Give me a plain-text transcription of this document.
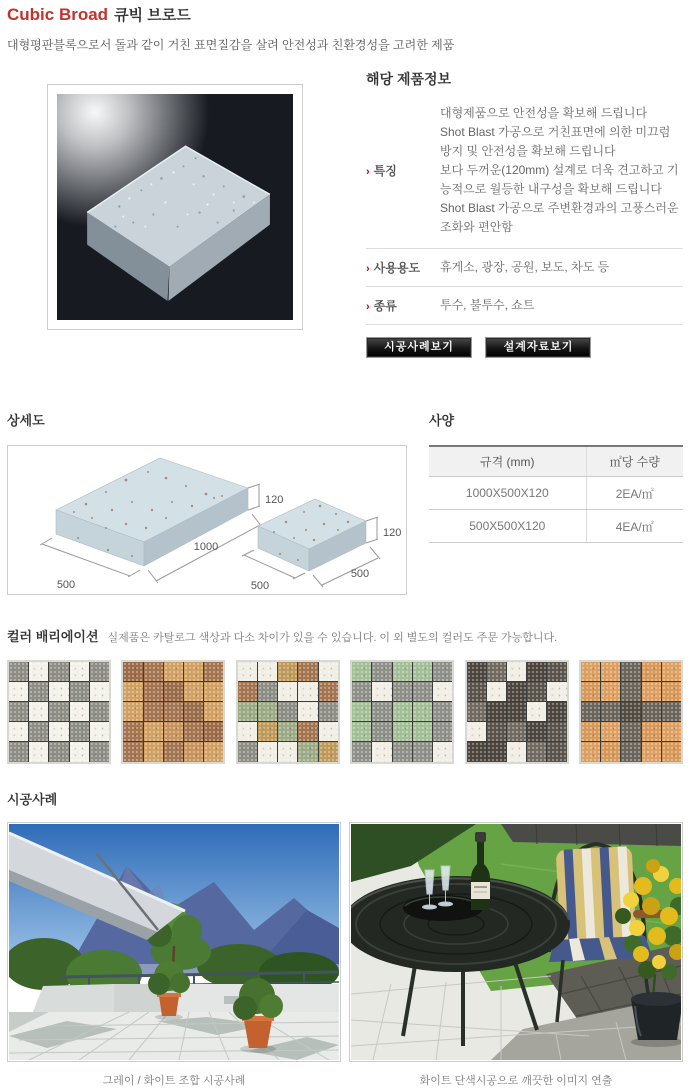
Cubic Broad 큐빅 브로드

대형평판블록으로서 돌과 같이 거친 표면질감을 살려 안전성과 친환경성을 고려한 제품

해당 제품정보
› 특징

대형제품으로 안전성을 확보해 드립니다

Shot Blast 가공으로 거친표면에 의한 미끄럼 방지 및 안전성을 확보해 드립니다

보다 두꺼운(120mm) 설계로 더욱 견고하고 기능적으로 월등한 내구성을 확보해 드립니다

Shot Blast 가공으로 주변환경과의 고풍스러운 조화와 편안함

› 사용용도	휴게소, 광장, 공원, 보도, 차도 등
› 종류	투수, 불투수, 쇼트
시공사례보기	설계자료보기
상세도
120
1000
500
120
500
500
사양
규격 (mm)	㎡당 수량
1000X500X120	2EA/㎡
500X500X120	4EA/㎡
컬러 배리에이션 실제품은 카탈로그 색상과 다소 차이가 있을 수 있습니다. 이 외 별도의 컬러도 주문 가능합니다.
시공사례
그레이 / 화이트 조합 시공사례	화이트 단색시공으로 깨끗한 이미지 연출
